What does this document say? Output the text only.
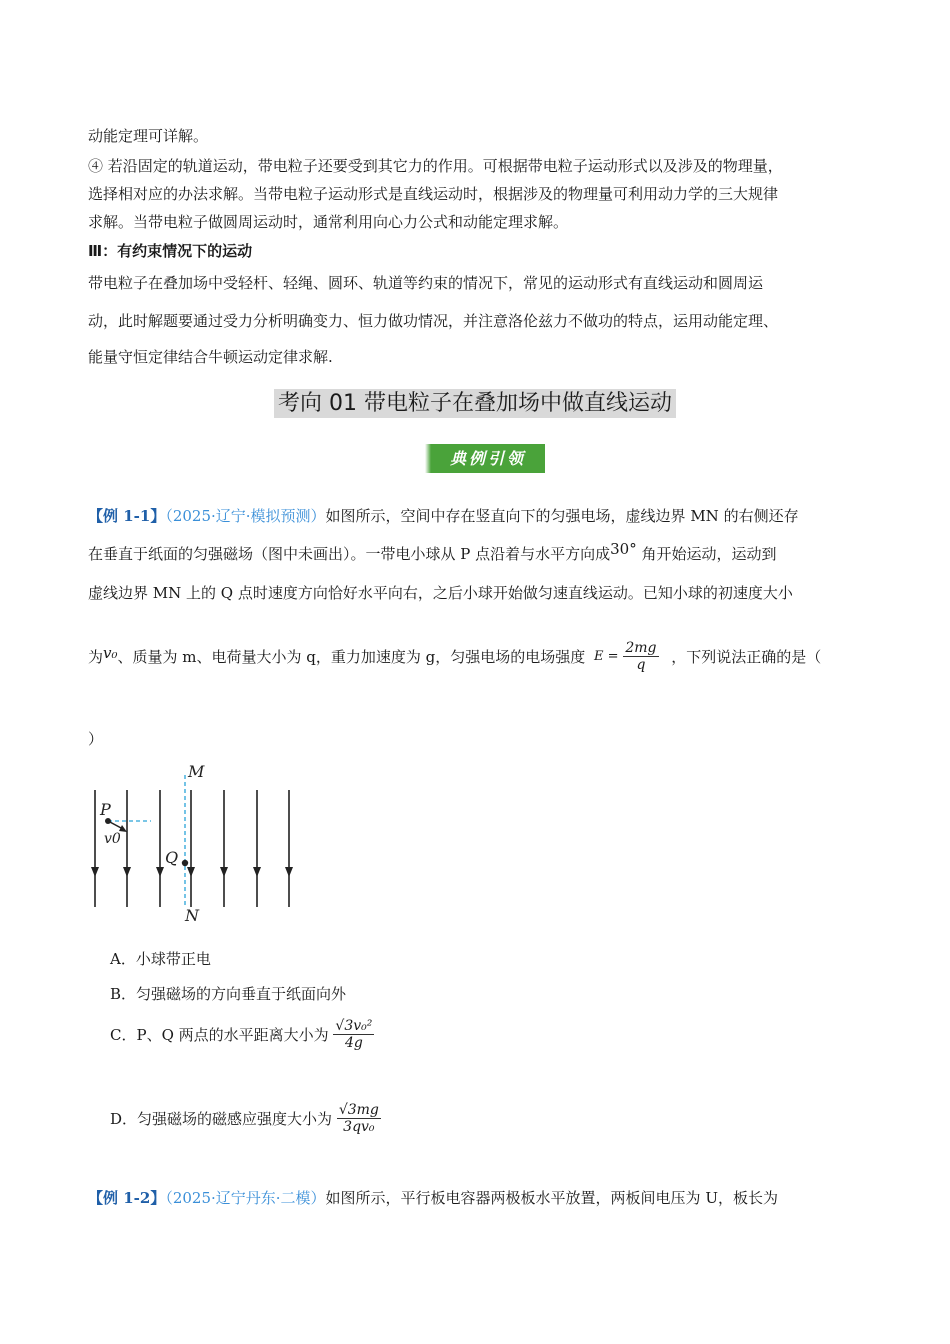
动能定理可详解。
④ 若沿固定的轨道运动，带电粒子还要受到其它力的作用。可根据带电粒子运动形式以及涉及的物理量，
选择相对应的办法求解。当带电粒子运动形式是直线运动时，根据涉及的物理量可利用动力学的三大规律
求解。当带电粒子做圆周运动时，通常利用向心力公式和动能定理求解。
Ⅲ：有约束情况下的运动
带电粒子在叠加场中受轻杆、轻绳、圆环、轨道等约束的情况下，常见的运动形式有直线运动和圆周运
动，此时解题要通过受力分析明确变力、恒力做功情况，并注意洛伦兹力不做功的特点，运用动能定理、
能量守恒定律结合牛顿运动定律求解.
考向 01 带电粒子在叠加场中做直线运动
典例引领
【例 1-1】（2025·辽宁·模拟预测）如图所示，空间中存在竖直向下的匀强电场，虚线边界 MN 的右侧还存
在垂直于纸面的匀强磁场（图中未画出）。一带电小球从 P 点沿着与水平方向成30° 角开始运动，运动到
虚线边界 MN 上的 Q 点时速度方向恰好水平向右，之后小球开始做匀速直线运动。已知小球的初速度大小
为v₀、质量为 m、电荷量大小为 q，重力加速度为 g，匀强电场的电场强度 $E = \frac{2mg}{q}$ ，下列说法正确的是（
）
M
N
P
Q
v0
A．小球带正电
B．匀强磁场的方向垂直于纸面向外
C．P、Q 两点的水平距离大小为 $\frac{\text{√3v₀²}}{4g}$
D．匀强磁场的磁感应强度大小为 $\frac{√3mg}{\text{3qv₀}}$
【例 1-2】（2025·辽宁丹东·二模）如图所示，平行板电容器两极板水平放置，两板间电压为 U，板长为
